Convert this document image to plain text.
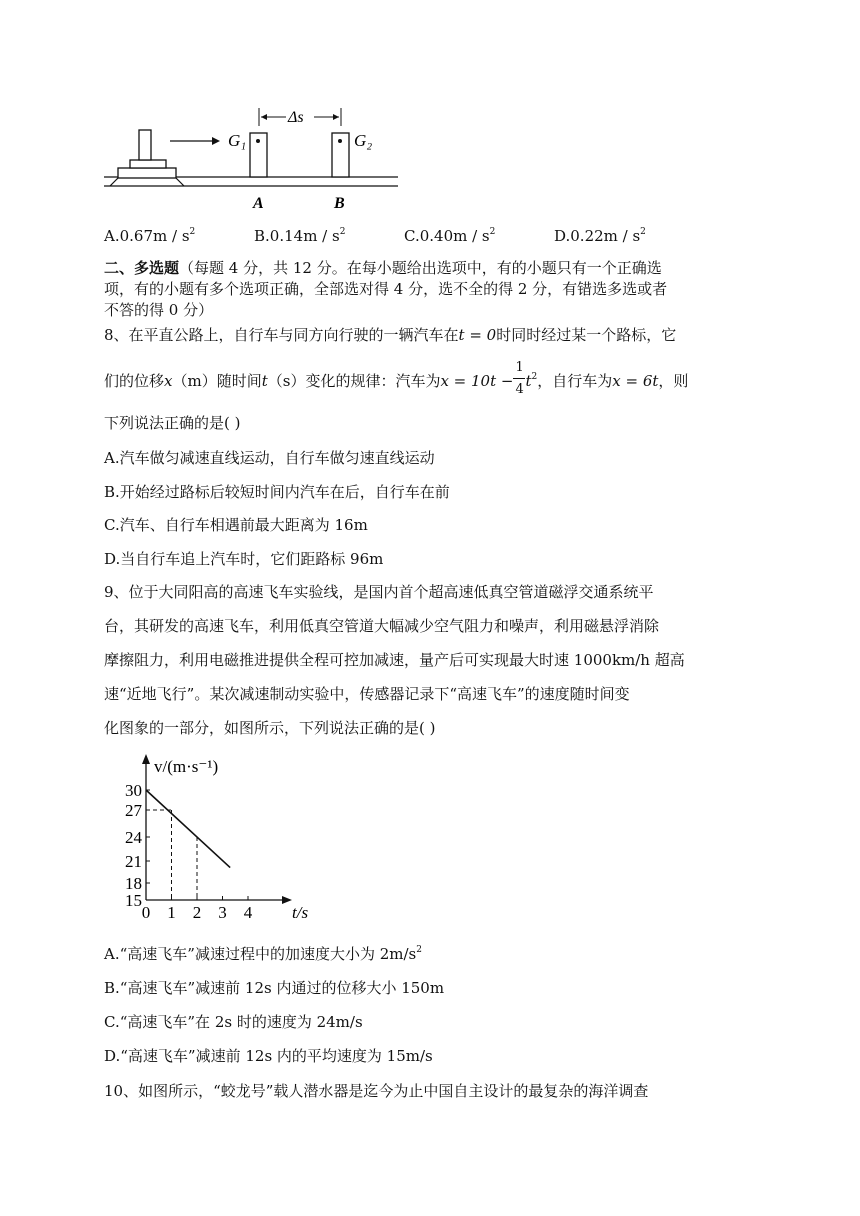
Δs
G₁	G₂
A	B
$A.0.67m / s^2$	$B.0.14m / s^2$	$C.0.40m / s^2$	$D.0.22m / s^2$
二、多选题（每题 4 分，共 12 分。在每小题给出选项中，有的小题只有一个正确选
项，有的小题有多个选项正确，全部选对得 4 分，选不全的得 2 分，有错选多选或者
不答的得 0 分）
8、在平直公路上，自行车与同方向行驶的一辆汽车在t = 0时同时经过某一个路标，它
们的位移x（m）随时间t（s）变化的规律：汽车为$x = 10t - \frac{1}{4} t^2$，自行车为x = 6t，则
下列说法正确的是( )
A.汽车做匀减速直线运动，自行车做匀速直线运动
B.开始经过路标后较短时间内汽车在后，自行车在前
C.汽车、自行车相遇前最大距离为 16m
D.当自行车追上汽车时，它们距路标 96m
9、位于大同阳高的高速飞车实验线，是国内首个超高速低真空管道磁浮交通系统平
台，其研发的高速飞车，利用低真空管道大幅减少空气阻力和噪声，利用磁悬浮消除
摩擦阻力，利用电磁推进提供全程可控加减速，量产后可实现最大时速 1000km/h 超高
速“近地飞行”。某次减速制动实验中，传感器记录下“高速飞车”的速度随时间变
化图象的一部分，如图所示，下列说法正确的是( )
30
27
24
21
18
15
0 1 2 3 4
v/(m·s⁻¹)
t/s
A.“高速飞车”减速过程中的加速度大小为 $2m/s^2$
B.“高速飞车”减速前 12s 内通过的位移大小 150m
C.“高速飞车”在 2s 时的速度为 24m/s
D.“高速飞车”减速前 12s 内的平均速度为 15m/s
10、如图所示，“蛟龙号”载人潜水器是迄今为止中国自主设计的最复杂的海洋调查
